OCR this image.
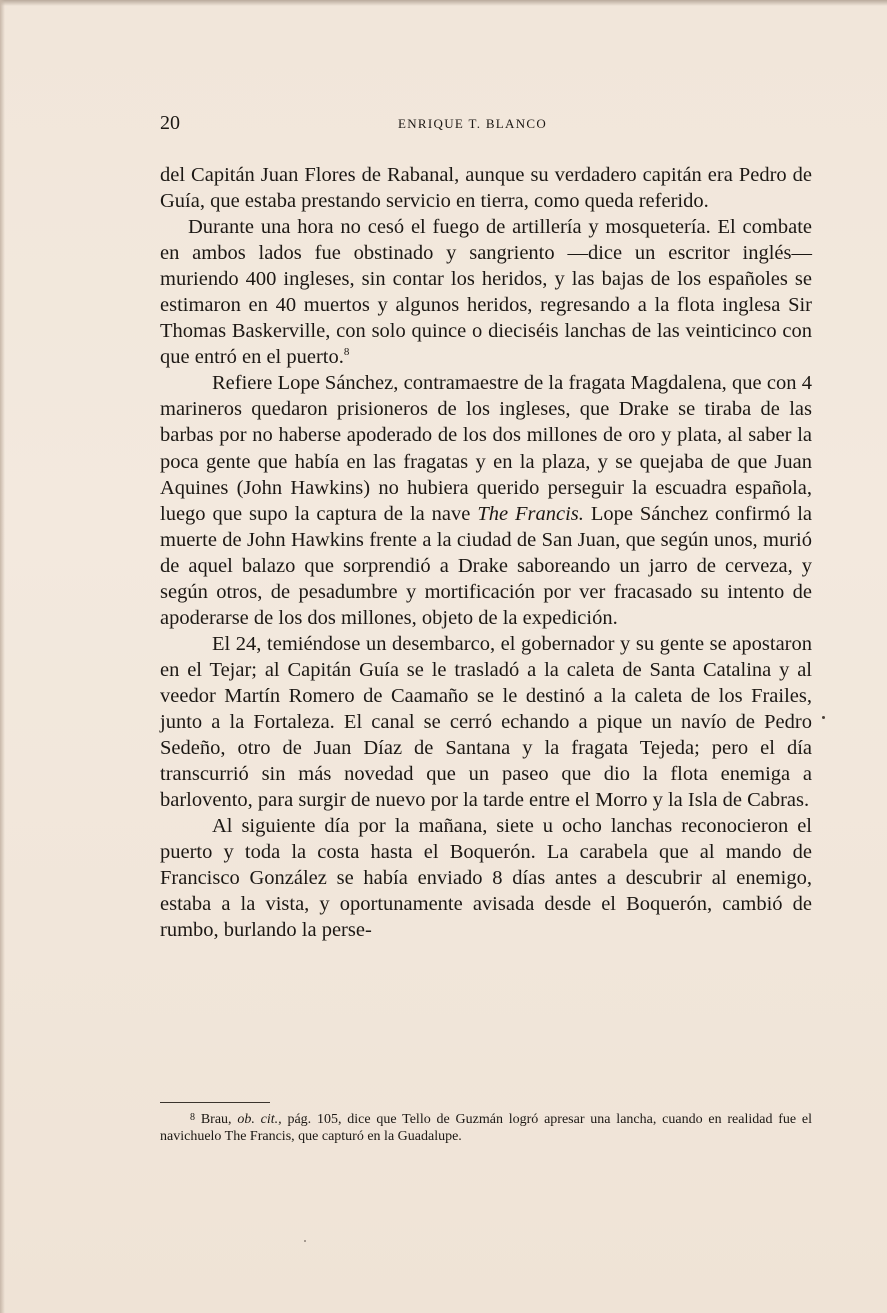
20	ENRIQUE T. BLANCO

del Capitán Juan Flores de Rabanal, aunque su verdadero capitán era Pedro de Guía, que estaba prestando servicio en tierra, como queda referido.

Durante una hora no cesó el fuego de artillería y mosquetería. El combate en ambos lados fue obstinado y sangriento —dice un escritor inglés— muriendo 400 ingleses, sin contar los heridos, y las bajas de los españoles se estimaron en 40 muertos y algunos heridos, regresando a la flota inglesa Sir Thomas Baskerville, con solo quince o dieciséis lanchas de las veinticinco con que entró en el puerto.$^8$

Refiere Lope Sánchez, contramaestre de la fragata Magdalena, que con 4 marineros quedaron prisioneros de los ingleses, que Drake se tiraba de las barbas por no haberse apoderado de los dos millones de oro y plata, al saber la poca gente que había en las fragatas y en la plaza, y se quejaba de que Juan Aquines (John Hawkins) no hubiera querido perseguir la escuadra española, luego que supo la captura de la nave The Francis. Lope Sánchez confirmó la muerte de John Hawkins frente a la ciudad de San Juan, que según unos, murió de aquel balazo que sorprendió a Drake saboreando un jarro de cerveza, y según otros, de pesadumbre y mortificación por ver fracasado su intento de apoderarse de los dos millones, objeto de la expedición.

El 24, temiéndose un desembarco, el gobernador y su gente se apostaron en el Tejar; al Capitán Guía se le trasladó a la caleta de Santa Catalina y al veedor Martín Romero de Caamaño se le destinó a la caleta de los Frailes, junto a la Fortaleza. El canal se cerró echando a pique un navío de Pedro Sedeño, otro de Juan Díaz de Santana y la fragata Tejeda; pero el día transcurrió sin más novedad que un paseo que dio la flota enemiga a barlovento, para surgir de nuevo por la tarde entre el Morro y la Isla de Cabras.

Al siguiente día por la mañana, siete u ocho lanchas reconocieron el puerto y toda la costa hasta el Boquerón. La carabela que al mando de Francisco González se había enviado 8 días antes a descubrir al enemigo, estaba a la vista, y oportunamente avisada desde el Boquerón, cambió de rumbo, burlando la perse-

$^8$ Brau, ob. cit., pág. 105, dice que Tello de Guzmán logró apresar una lancha, cuando en realidad fue el navichuelo The Francis, que capturó en la Guadalupe.
